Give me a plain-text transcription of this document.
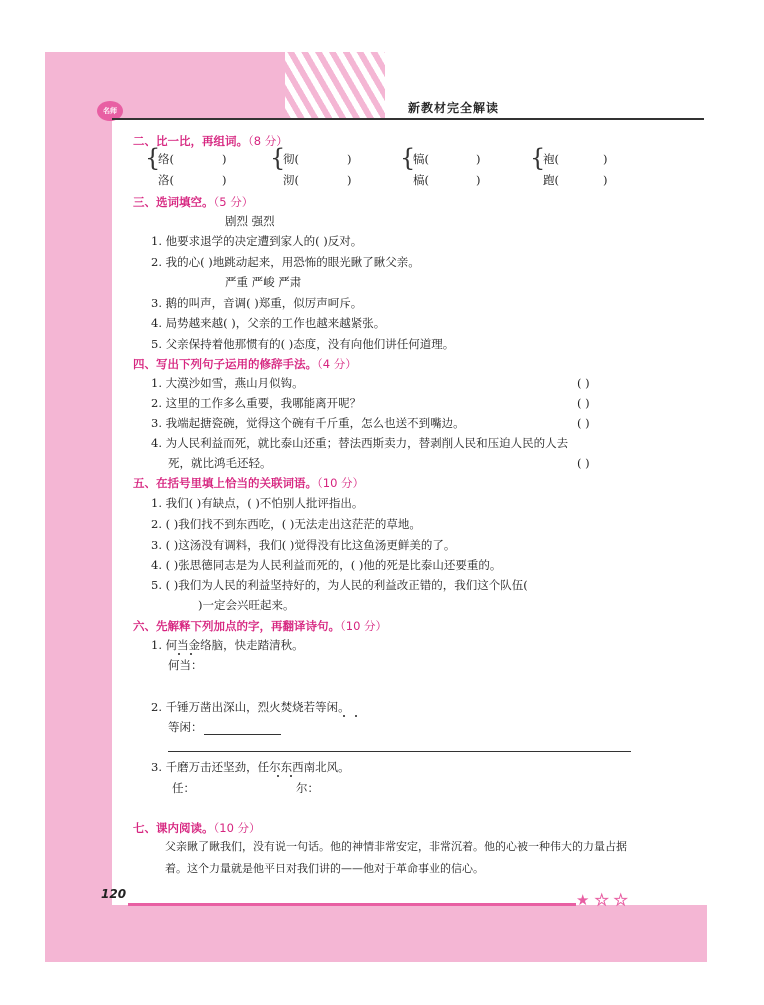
名师	新教材完全解读
二、比一比，再组词。（8 分）
{
络(	)
洛(	)
{
彻(	)
沏(	)
{
犒(	)
槁(	)
{
袍(	)
跑(	)
三、选词填空。（5 分）
剧烈 强烈
1. 他要求退学的决定遭到家人的( )反对。
2. 我的心( )地跳动起来，用恐怖的眼光瞅了瞅父亲。
严重 严峻 严肃
3. 鹅的叫声，音调( )郑重，似厉声呵斥。
4. 局势越来越( )，父亲的工作也越来越紧张。
5. 父亲保持着他那惯有的( )态度，没有向他们讲任何道理。
四、写出下列句子运用的修辞手法。（4 分）
1. 大漠沙如雪，燕山月似钩。	( )
2. 这里的工作多么重要，我哪能离开呢？	( )
3. 我端起搪瓷碗，觉得这个碗有千斤重，怎么也送不到嘴边。	( )
4. 为人民利益而死，就比泰山还重；替法西斯卖力，替剥削人民和压迫人民的人去
死，就比鸿毛还轻。	( )
五、在括号里填上恰当的关联词语。（10 分）
1. 我们( )有缺点，( )不怕别人批评指出。
2. ( )我们找不到东西吃，( )无法走出这茫茫的草地。
3. ( )这汤没有调料，我们( )觉得没有比这鱼汤更鲜美的了。
4. ( )张思德同志是为人民利益而死的，( )他的死是比泰山还要重的。
5. ( )我们为人民的利益坚持好的，为人民的利益改正错的，我们这个队伍(
)一定会兴旺起来。
六、先解释下列加点的字，再翻译诗句。（10 分）
1. 何当金络脑，快走踏清秋。
何当：
2. 千锤万凿出深山，烈火焚烧若等闲。
等闲：
3. 千磨万击还坚劲，任尔东西南北风。
任：	尔：
七、课内阅读。（10 分）
父亲瞅了瞅我们，没有说一句话。他的神情非常安定，非常沉着。他的心被一种伟大的力量占据着。这个力量就是他平日对我们讲的——他对于革命事业的信心。
120	★ ★ ★
